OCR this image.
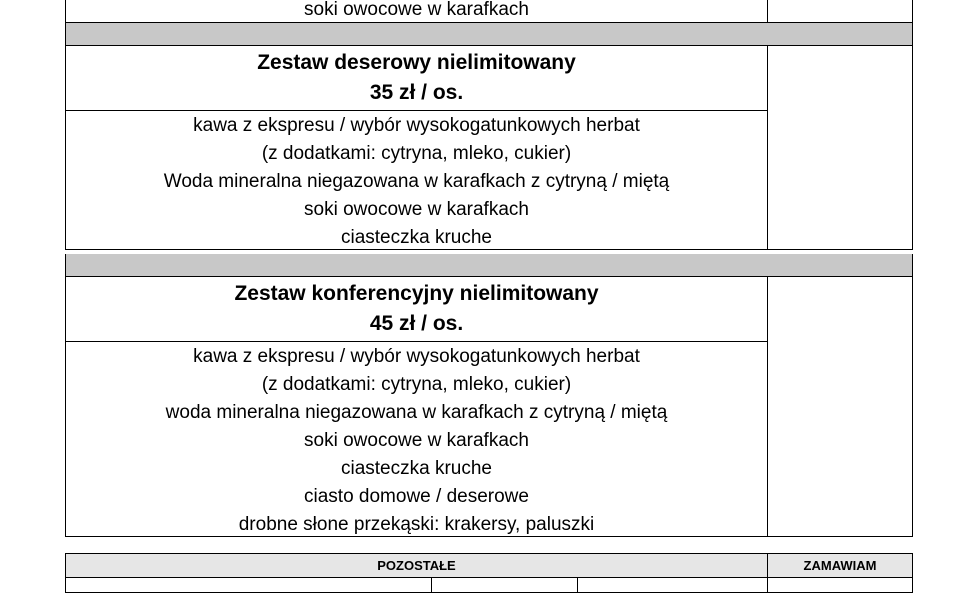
soki owocowe w karafkach
Zestaw deserowy nielimitowany
35 zł / os.
kawa z ekspresu / wybór wysokogatunkowych herbat
(z dodatkami: cytryna, mleko, cukier)
Woda mineralna niegazowana w karafkach z cytryną / miętą
soki owocowe w karafkach
ciasteczka kruche
Zestaw konferencyjny nielimitowany
45 zł / os.
kawa z ekspresu / wybór wysokogatunkowych herbat
(z dodatkami: cytryna, mleko, cukier)
woda mineralna niegazowana w karafkach z cytryną / miętą
soki owocowe w karafkach
ciasteczka kruche
ciasto domowe / deserowe
drobne słone przekąski: krakersy, paluszki
POZOSTAŁE	ZAMAWIAM
